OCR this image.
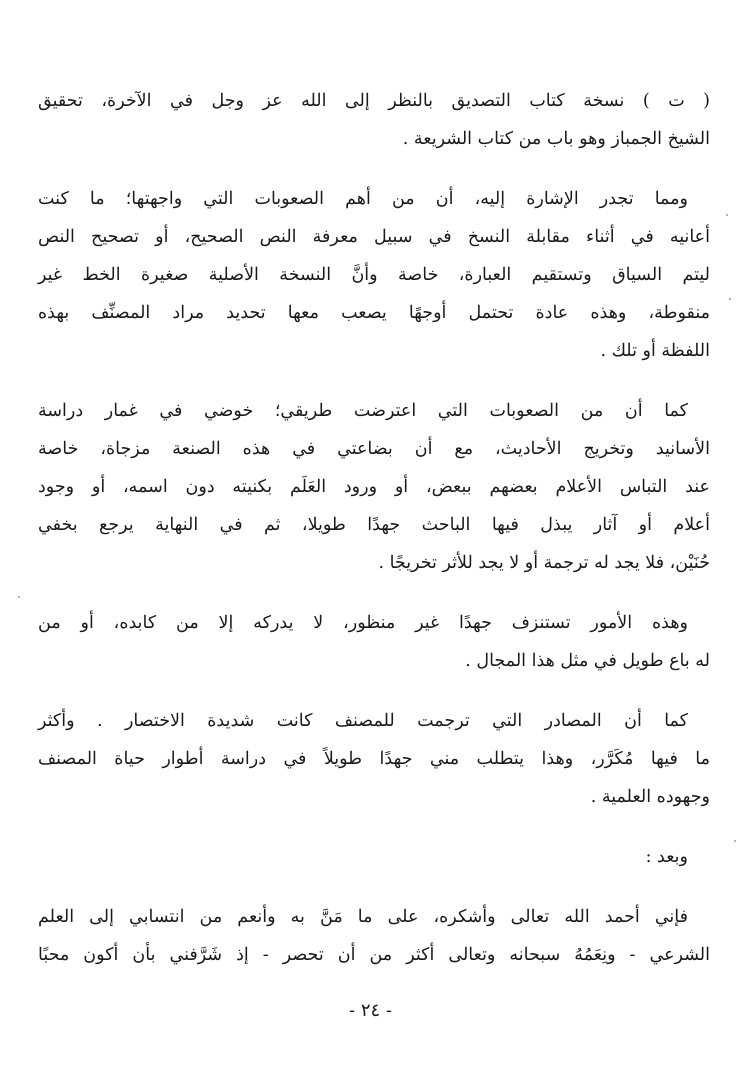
( ت ) نسخة كتاب التصديق بالنظر إلى الله عز وجل في الآخرة، تحقيق
الشيخ الجمباز وهو باب من كتاب الشريعة .
ومما تجدر الإشارة إليه، أن من أهم الصعوبات التي واجهتها؛ ما كنت
أعانيه في أثناء مقابلة النسخ في سبيل معرفة النص الصحيح، أو تصحيح النص
ليتم السياق وتستقيم العبارة، خاصة وأنَّ النسخة الأصلية صغيرة الخط غير
منقوطة، وهذه عادة تحتمل أوجهًا يصعب معها تحديد مراد المصنِّف بهذه
اللفظة أو تلك .
كما أن من الصعوبات التي اعترضت طريقي؛ خوضي في غمار دراسة
الأسانيد وتخريج الأحاديث، مع أن بضاعتي في هذه الصنعة مزجاة، خاصة
عند التباس الأعلام بعضهم ببعض، أو ورود العَلَم بكنيته دون اسمه، أو وجود
أعلام أو آثار يبذل فيها الباحث جهدًا طويلا، ثم في النهاية يرجع بخفي
حُنَيْن، فلا يجد له ترجمة أو لا يجد للأثر تخريجًا .
وهذه الأمور تستنزف جهدًا غير منظور، لا يدركه إلا من كابده، أو من
له باع طويل في مثل هذا المجال .
كما أن المصادر التي ترجمت للمصنف كانت شديدة الاختصار . وأكثر
ما فيها مُكَرَّر، وهذا يتطلب مني جهدًا طويلاً في دراسة أطوار حياة المصنف
وجهوده العلمية .
وبعد :
فإني أحمد الله تعالى وأشكره، على ما مَنَّ به وأنعم من انتسابي إلى العلم
الشرعي - ونِعَمُهُ سبحانه وتعالى أكثر من أن تحصر - إذ شَرَّفني بأن أكون محبًا
- ٢٤ -
